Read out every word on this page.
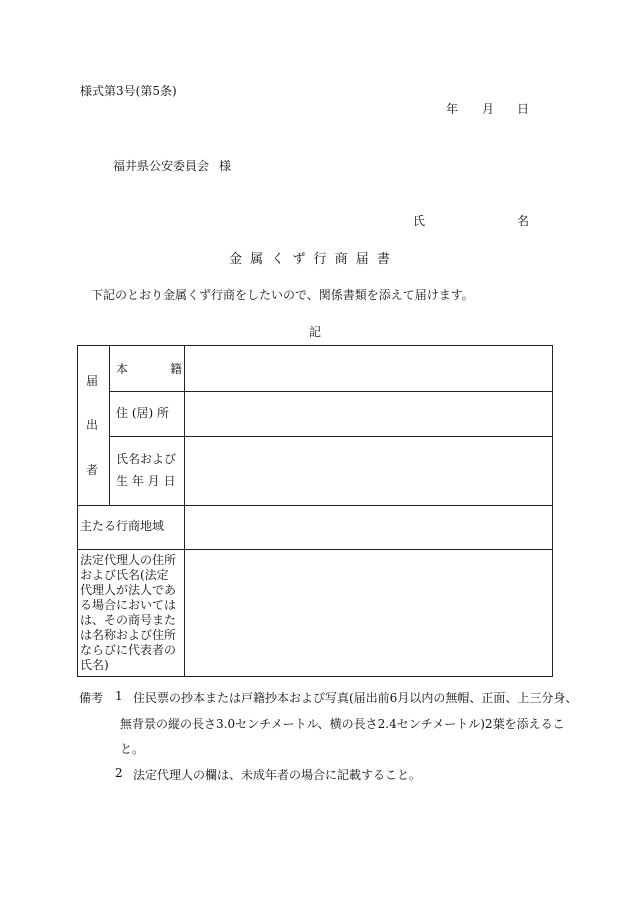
様式第3号(第5条)
年 月 日
福井県公安委員会 様
氏	名
金 属 く ず 行 商 届 書
下記のとおり金属くず行商をしたいので、関係書類を添えて届けます。
記
届
出
者
本	籍
住 (居) 所
氏名および
生 年 月 日
主たる行商地域
法定代理人の住所
および氏名(法定
代理人が法人であ
る場合においては
は、その商号また
は名称および住所
ならびに代表者の
氏名)
備考 1 住民票の抄本または戸籍抄本および写真(届出前6月以内の無帽、正面、上三分身、
無背景の縦の長さ3.0センチメートル、横の長さ2.4センチメートル)2葉を添えるこ
と。
2 法定代理人の欄は、未成年者の場合に記載すること。
